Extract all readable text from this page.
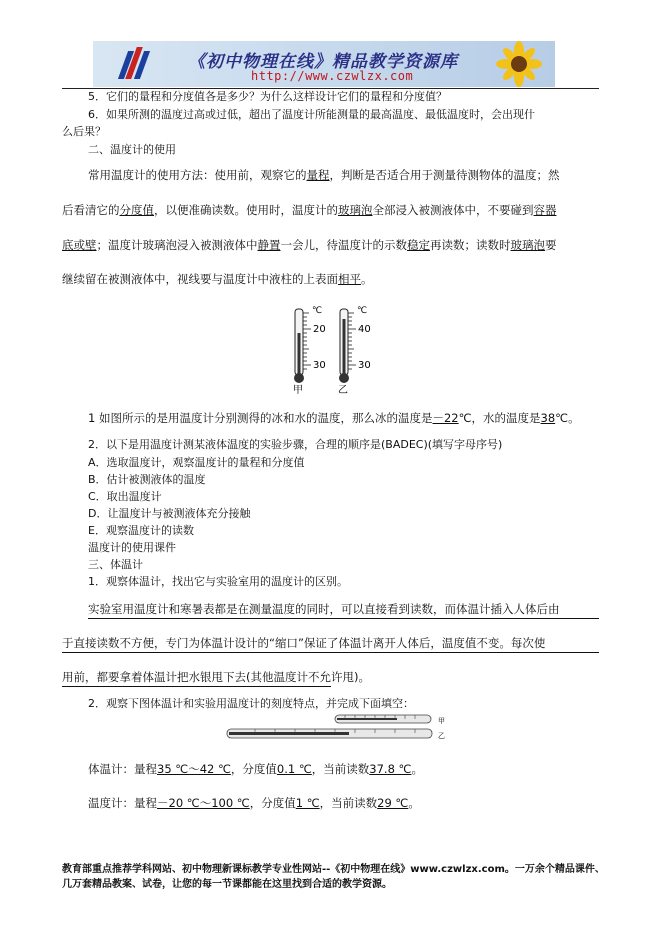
《初中物理在线》精品教学资源库
http://www.czwlzx.com
5．它们的量程和分度值各是多少？为什么这样设计它们的量程和分度值？
6．如果所测的温度过高或过低，超出了温度计所能测量的最高温度、最低温度时，会出现什
么后果？
二、温度计的使用
常用温度计的使用方法：使用前，观察它的量程，判断是否适合用于测量待测物体的温度；然
后看清它的分度值，以便准确读数。使用时，温度计的玻璃泡全部浸入被测液体中，不要碰到容器
底或壁；温度计玻璃泡浸入被测液体中静置一会儿，待温度计的示数稳定再读数；读数时玻璃泡要
继续留在被测液体中，视线要与温度计中液柱的上表面相平。
℃	℃
20
30
40
30
甲	乙
1 如图所示的是用温度计分别测得的冰和水的温度，那么冰的温度是－22℃，水的温度是38℃。
2．以下是用温度计测某液体温度的实验步骤，合理的顺序是(BADEC)(填写字母序号)
A．选取温度计，观察温度计的量程和分度值
B．估计被测液体的温度
C．取出温度计
D．让温度计与被测液体充分接触
E．观察温度计的读数
温度计的使用课件
三、体温计
1．观察体温计，找出它与实验室用的温度计的区别。
实验室用温度计和寒暑表都是在测量温度的同时，可以直接看到读数，而体温计插入人体后由
于直接读数不方便，专门为体温计设计的“缩口”保证了体温计离开人体后，温度值不变。每次使
用前，都要拿着体温计把水银甩下去(其他温度计不允许甩)。
2．观察下图体温计和实验用温度计的刻度特点，并完成下面填空：
甲
乙
体温计：量程35 ℃～42 ℃，分度值0.1 ℃，当前读数37.8 ℃。
温度计：量程－20 ℃～100 ℃，分度值1 ℃，当前读数29 ℃。
教育部重点推荐学科网站、初中物理新课标教学专业性网站--《初中物理在线》www.czwlzx.com。一万余个精品课件、
几万套精品教案、试卷，让您的每一节课都能在这里找到合适的教学资源。
